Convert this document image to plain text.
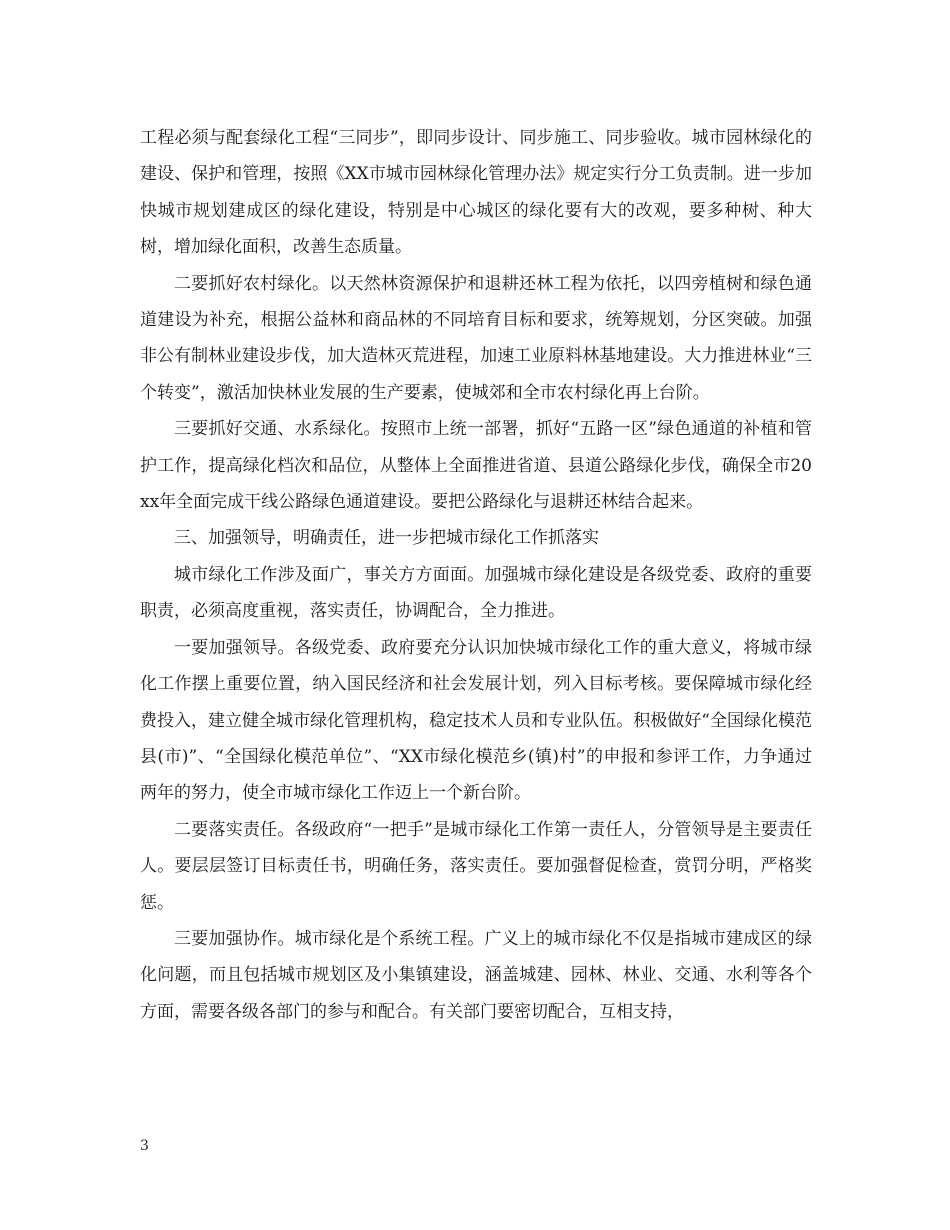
工程必须与配套绿化工程“三同步”，即同步设计、同步施工、同步验收。城市园林绿化的建设、保护和管理，按照《XX市城市园林绿化管理办法》规定实行分工负责制。进一步加快城市规划建成区的绿化建设，特别是中心城区的绿化要有大的改观，要多种树、种大树，增加绿化面积，改善生态质量。

二要抓好农村绿化。以天然林资源保护和退耕还林工程为依托，以四旁植树和绿色通道建设为补充，根据公益林和商品林的不同培育目标和要求，统筹规划，分区突破。加强非公有制林业建设步伐，加大造林灭荒进程，加速工业原料林基地建设。大力推进林业“三个转变”，激活加快林业发展的生产要素，使城郊和全市农村绿化再上台阶。

三要抓好交通、水系绿化。按照市上统一部署，抓好“五路一区”绿色通道的补植和管护工作，提高绿化档次和品位，从整体上全面推进省道、县道公路绿化步伐，确保全市20xx年全面完成干线公路绿色通道建设。要把公路绿化与退耕还林结合起来。

三、加强领导，明确责任，进一步把城市绿化工作抓落实

城市绿化工作涉及面广，事关方方面面。加强城市绿化建设是各级党委、政府的重要职责，必须高度重视，落实责任，协调配合，全力推进。

一要加强领导。各级党委、政府要充分认识加快城市绿化工作的重大意义，将城市绿化工作摆上重要位置，纳入国民经济和社会发展计划，列入目标考核。要保障城市绿化经费投入，建立健全城市绿化管理机构，稳定技术人员和专业队伍。积极做好“全国绿化模范县(市)”、“全国绿化模范单位”、“XX市绿化模范乡(镇)村”的申报和参评工作，力争通过两年的努力，使全市城市绿化工作迈上一个新台阶。

二要落实责任。各级政府“一把手”是城市绿化工作第一责任人，分管领导是主要责任人。要层层签订目标责任书，明确任务，落实责任。要加强督促检查，赏罚分明，严格奖惩。

三要加强协作。城市绿化是个系统工程。广义上的城市绿化不仅是指城市建成区的绿化问题，而且包括城市规划区及小集镇建设，涵盖城建、园林、林业、交通、水利等各个方面，需要各级各部门的参与和配合。有关部门要密切配合，互相支持，

3
